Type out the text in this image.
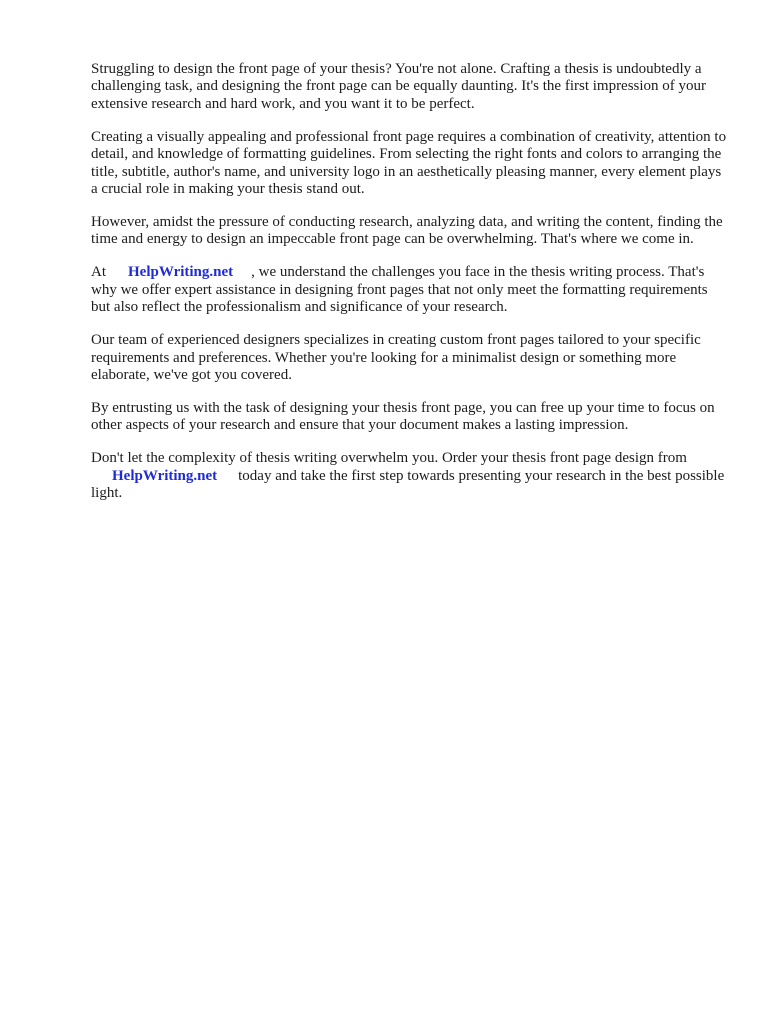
Struggling to design the front page of your thesis? You're not alone. Crafting a thesis is undoubtedly a challenging task, and designing the front page can be equally daunting. It's the first impression of your extensive research and hard work, and you want it to be perfect.

Creating a visually appealing and professional front page requires a combination of creativity, attention to detail, and knowledge of formatting guidelines. From selecting the right fonts and colors to arranging the title, subtitle, author's name, and university logo in an aesthetically pleasing manner, every element plays a crucial role in making your thesis stand out.

However, amidst the pressure of conducting research, analyzing data, and writing the content, finding the time and energy to design an impeccable front page can be overwhelming. That's where we come in.

At HelpWriting.net , we understand the challenges you face in the thesis writing process. That's why we offer expert assistance in designing front pages that not only meet the formatting requirements but also reflect the professionalism and significance of your research.

Our team of experienced designers specializes in creating custom front pages tailored to your specific requirements and preferences. Whether you're looking for a minimalist design or something more elaborate, we've got you covered.

By entrusting us with the task of designing your thesis front page, you can free up your time to focus on other aspects of your research and ensure that your document makes a lasting impression.

Don't let the complexity of thesis writing overwhelm you. Order your thesis front page design from
HelpWriting.net today and take the first step towards presenting your research in the best possible light.
